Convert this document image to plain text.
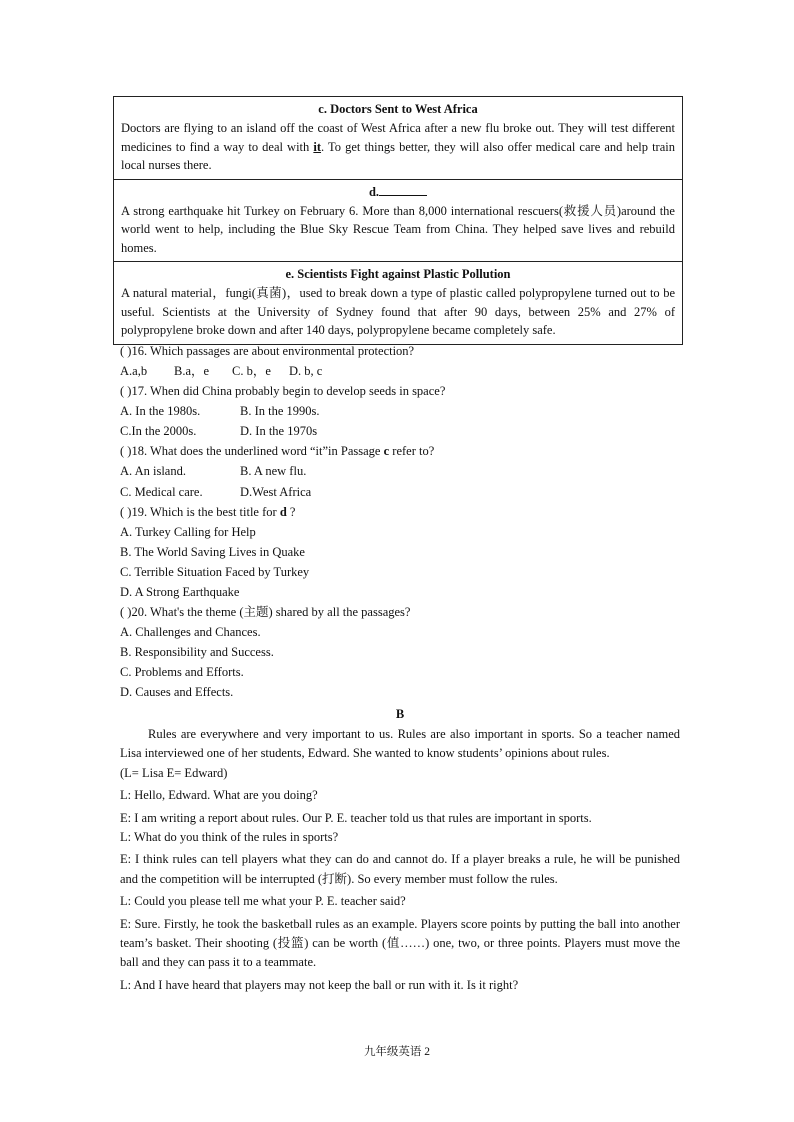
c. Doctors Sent to West Africa
Doctors are flying to an island off the coast of West Africa after a new flu broke out. They will test different medicines to find a way to deal with it. To get things better, they will also offer medical care and help train local nurses there.
d.
A strong earthquake hit Turkey on February 6. More than 8,000 international rescuers(救援人员)around the world went to help, including the Blue Sky Rescue Team from China. They helped save lives and rebuild homes.
e. Scientists Fight against Plastic Pollution
A natural material，fungi(真菌)，used to break down a type of plastic called polypropylene turned out to be useful. Scientists at the University of Sydney found that after 90 days, between 25% and 27% of polypropylene broke down and after 140 days, polypropylene became completely safe.
( )16. Which passages are about environmental protection?
A.a,b B.a，e C. b，e D. b, c
( )17. When did China probably begin to develop seeds in space?
A. In the 1980s.	B. In the 1990s.
C.In the 2000s.	D. In the 1970s
( )18. What does the underlined word “it”in Passage c refer to?
A. An island.	B. A new flu.
C. Medical care.	D.West Africa
( )19. Which is the best title for d ?
A. Turkey Calling for Help
B. The World Saving Lives in Quake
C. Terrible Situation Faced by Turkey
D. A Strong Earthquake
( )20. What's the theme (主题) shared by all the passages?
A. Challenges and Chances.
B. Responsibility and Success.
C. Problems and Efforts.
D. Causes and Effects.
B
Rules are everywhere and very important to us. Rules are also important in sports. So a teacher named Lisa interviewed one of her students, Edward. She wanted to know students’ opinions about rules.
(L= Lisa E= Edward)
L: Hello, Edward. What are you doing?
E: I am writing a report about rules. Our P. E. teacher told us that rules are important in sports.
L: What do you think of the rules in sports?
E: I think rules can tell players what they can do and cannot do. If a player breaks a rule, he will be punished and the competition will be interrupted (打断). So every member must follow the rules.
L: Could you please tell me what your P. E. teacher said?
E: Sure. Firstly, he took the basketball rules as an example. Players score points by putting the ball into another team’s basket. Their shooting (投篮) can be worth (值……) one, two, or three points. Players must move the ball and they can pass it to a teammate.
L: And I have heard that players may not keep the ball or run with it. Is it right?
九年级英语 2
